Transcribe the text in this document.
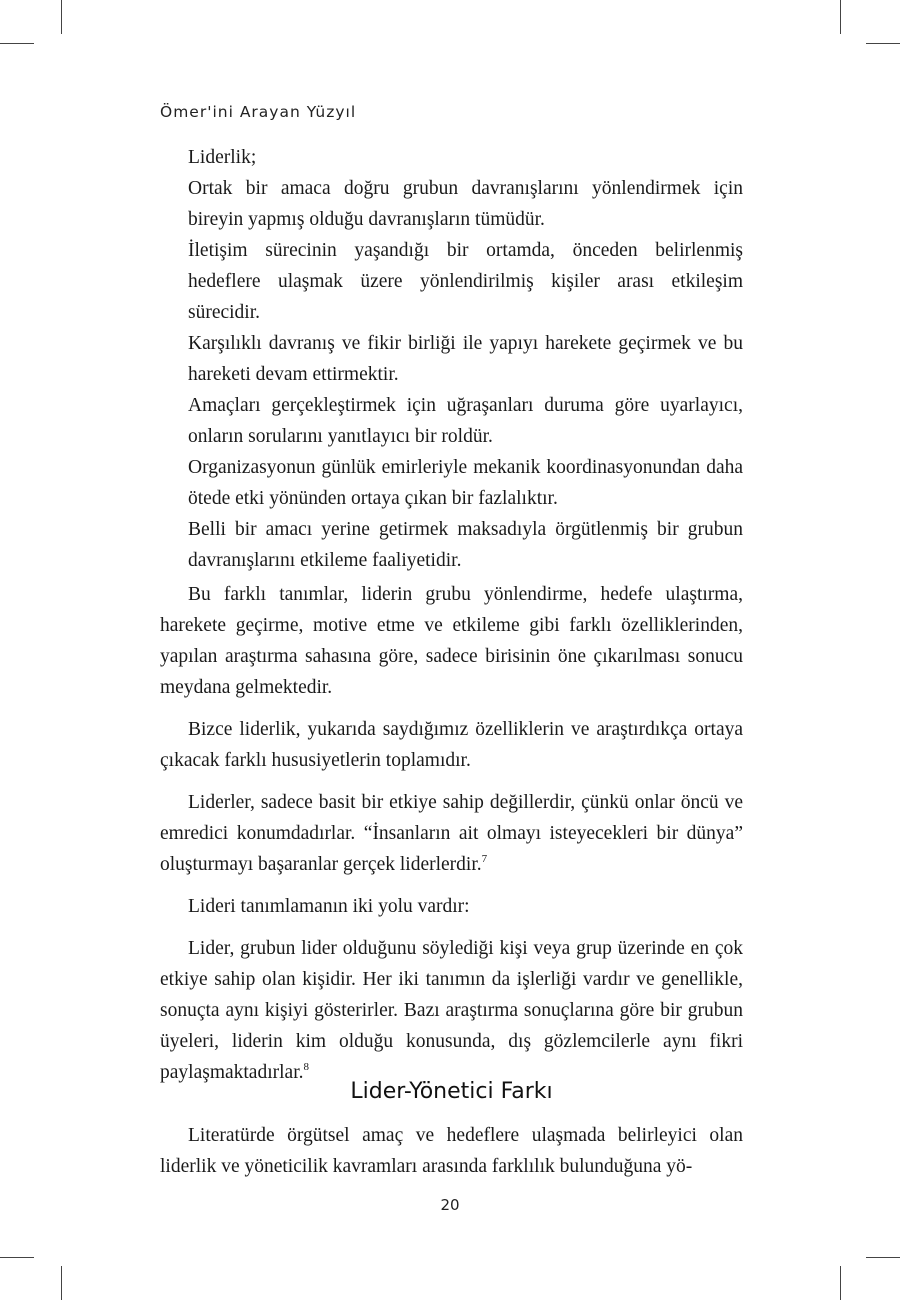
Ömer'ini Arayan Yüzyıl

Liderlik;

Ortak bir amaca doğru grubun davranışlarını yönlendirmek için bireyin yapmış olduğu davranışların tümüdür.

İletişim sürecinin yaşandığı bir ortamda, önceden belirlenmiş hedeflere ulaşmak üzere yönlendirilmiş kişiler arası etkileşim sürecidir.

Karşılıklı davranış ve fikir birliği ile yapıyı harekete geçirmek ve bu hareketi devam ettirmektir.

Amaçları gerçekleştirmek için uğraşanları duruma göre uyarlayıcı, onların sorularını yanıtlayıcı bir roldür.

Organizasyonun günlük emirleriyle mekanik koordinasyonundan daha ötede etki yönünden ortaya çıkan bir fazlalıktır.

Belli bir amacı yerine getirmek maksadıyla örgütlenmiş bir grubun davranışlarını etkileme faaliyetidir.

Bu farklı tanımlar, liderin grubu yönlendirme, hedefe ulaştırma, harekete geçirme, motive etme ve etkileme gibi farklı özelliklerinden, yapılan araştırma sahasına göre, sadece birisinin öne çıkarılması sonucu meydana gelmektedir.

Bizce liderlik, yukarıda saydığımız özelliklerin ve araştırdıkça ortaya çıkacak farklı hususiyetlerin toplamıdır.

Liderler, sadece basit bir etkiye sahip değillerdir, çünkü onlar öncü ve emredici konumdadırlar. “İnsanların ait olmayı isteyecekleri bir dünya” oluşturmayı başaranlar gerçek liderlerdir.$^7$

Lideri tanımlamanın iki yolu vardır:

Lider, grubun lider olduğunu söylediği kişi veya grup üzerinde en çok etkiye sahip olan kişidir. Her iki tanımın da işlerliği vardır ve genellikle, sonuçta aynı kişiyi gösterirler. Bazı araştırma sonuçlarına göre bir grubun üyeleri, liderin kim olduğu konusunda, dış gözlemcilerle aynı fikri paylaşmaktadırlar.$^8$

Lider-Yönetici Farkı

Literatürde örgütsel amaç ve hedeflere ulaşmada belirleyici olan liderlik ve yöneticilik kavramları arasında farklılık bulunduğuna yö-

20
